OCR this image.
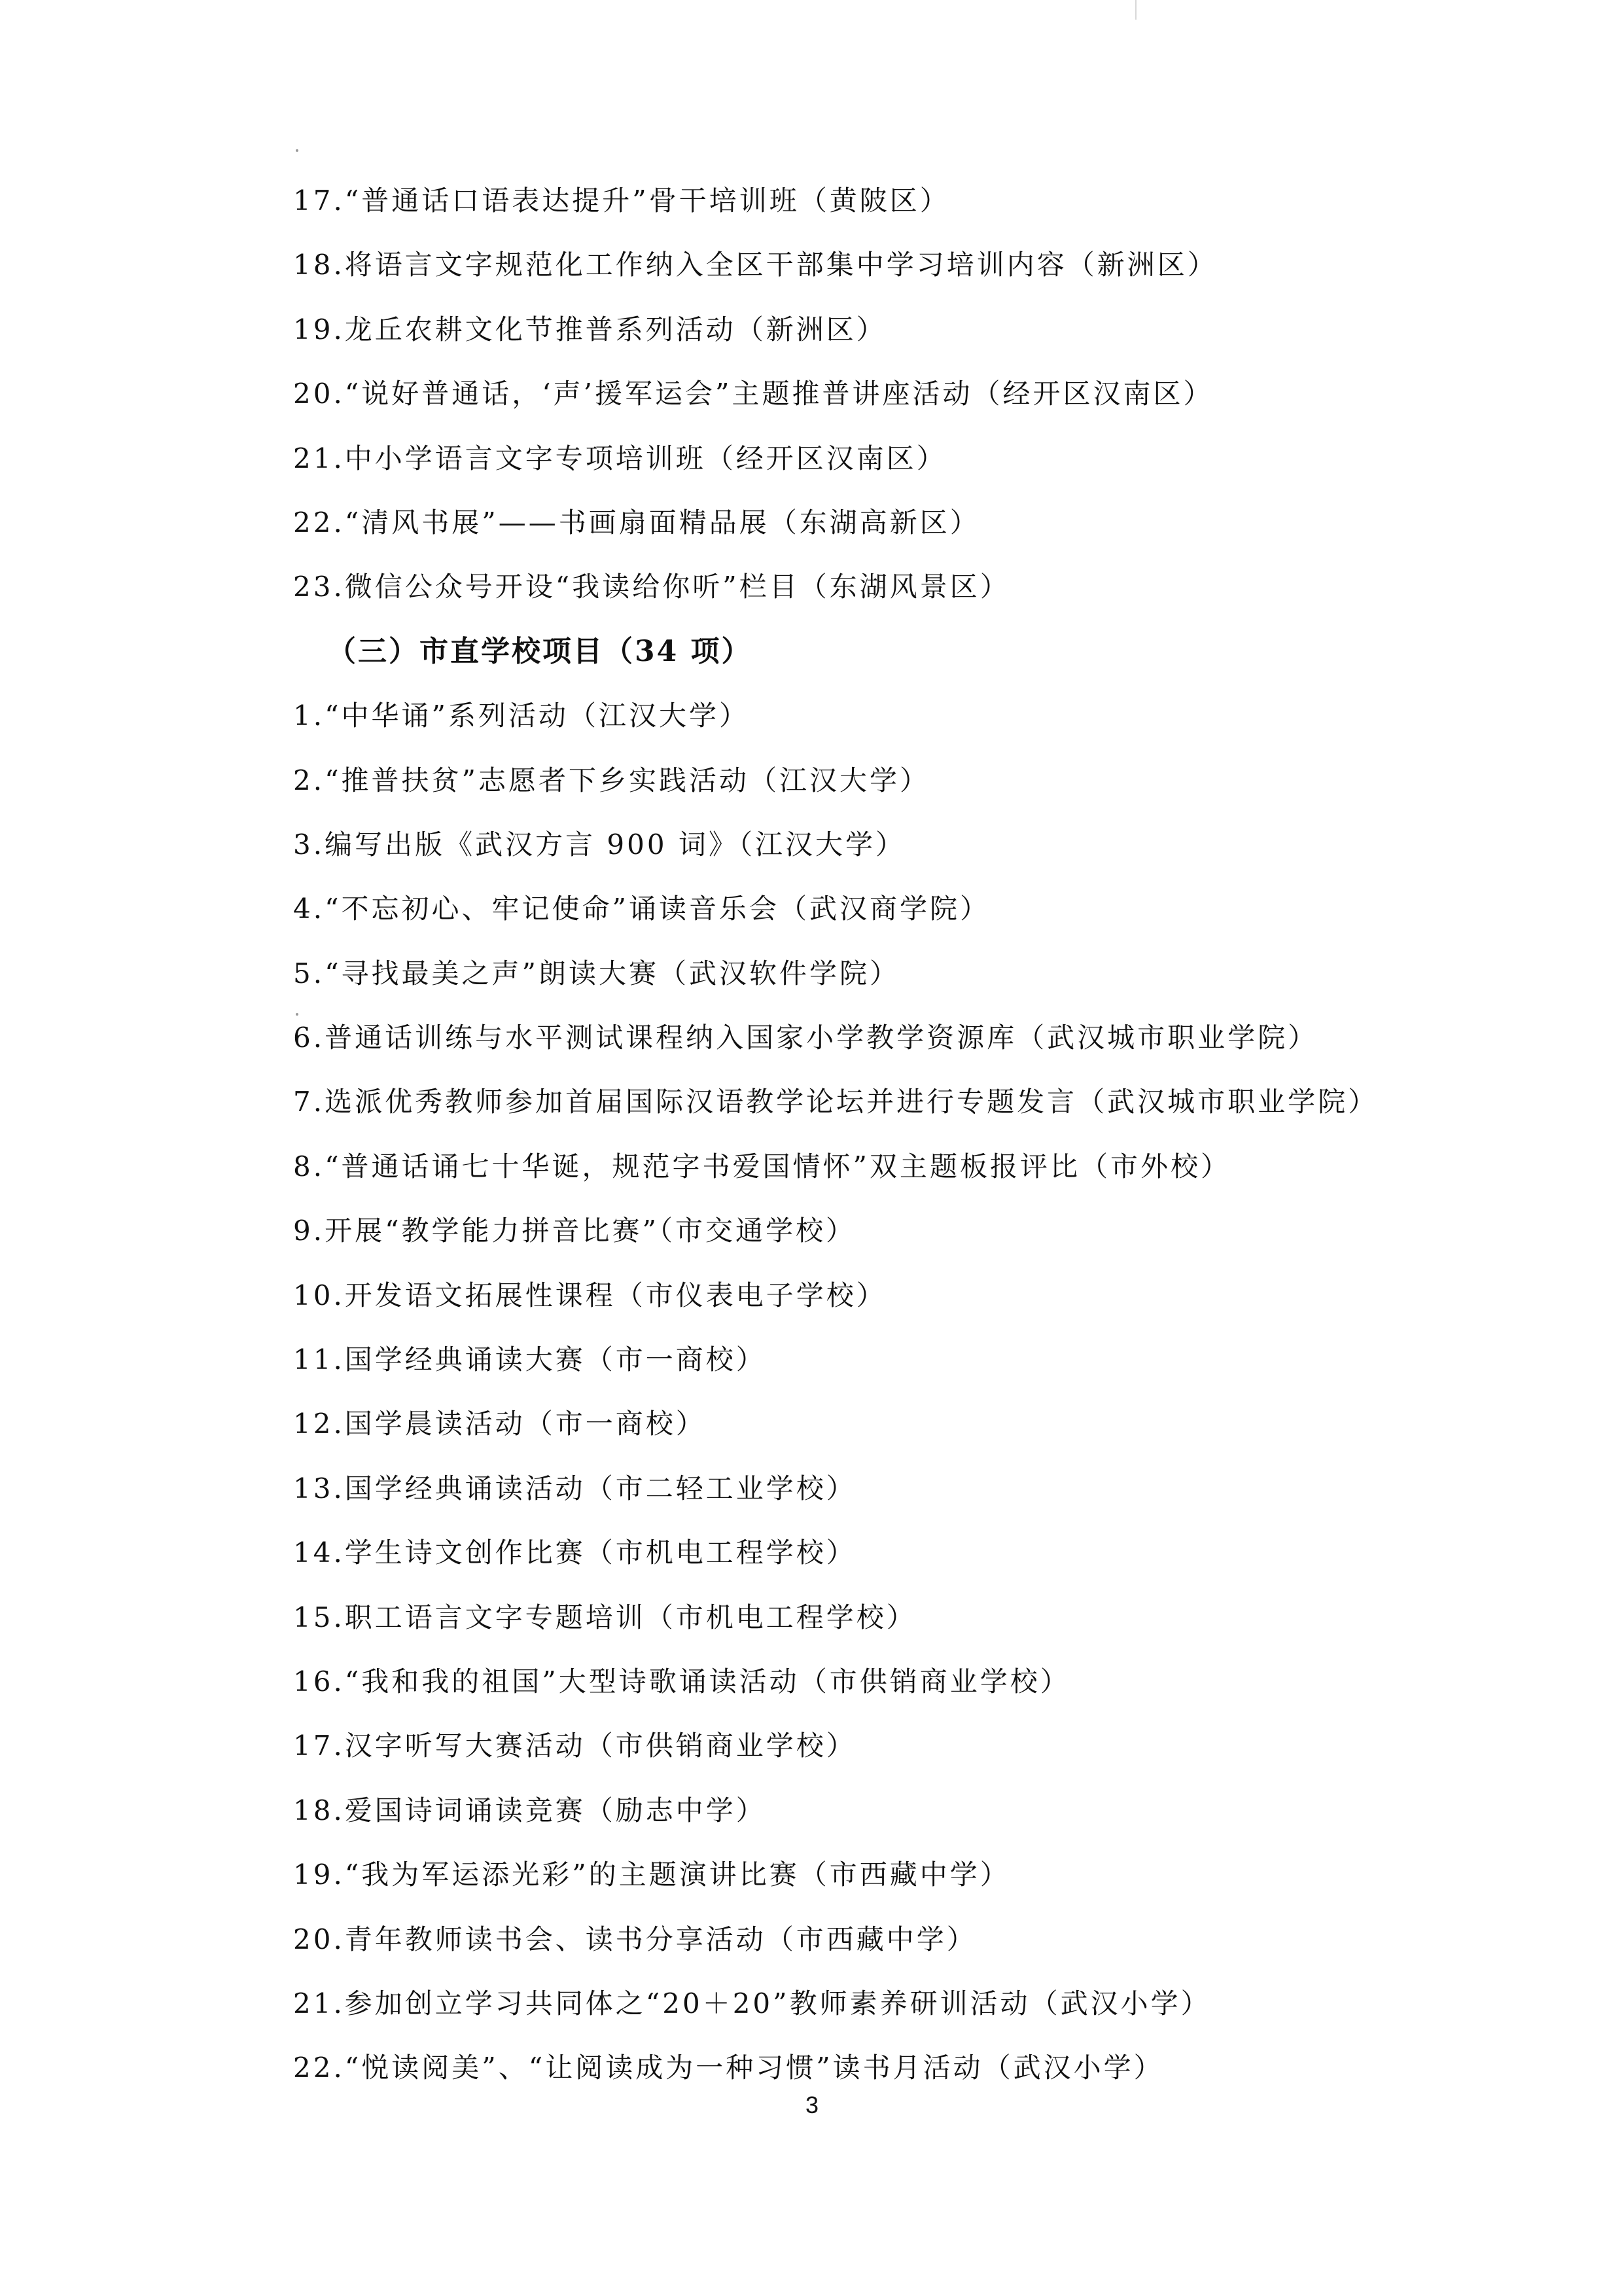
17.“普通话口语表达提升”骨干培训班（黄陂区）
18.将语言文字规范化工作纳入全区干部集中学习培训内容（新洲区）
19.龙丘农耕文化节推普系列活动（新洲区）
20.“说好普通话，‘声’援军运会”主题推普讲座活动（经开区汉南区）
21.中小学语言文字专项培训班（经开区汉南区）
22.“清风书展”——书画扇面精品展（东湖高新区）
23.微信公众号开设“我读给你听”栏目（东湖风景区）
（三）市直学校项目（34 项）
1.“中华诵”系列活动（江汉大学）
2.“推普扶贫”志愿者下乡实践活动（江汉大学）
3.编写出版《武汉方言 900 词》（江汉大学）
4.“不忘初心、牢记使命”诵读音乐会（武汉商学院）
5.“寻找最美之声”朗读大赛（武汉软件学院）
6.普通话训练与水平测试课程纳入国家小学教学资源库（武汉城市职业学院）
7.选派优秀教师参加首届国际汉语教学论坛并进行专题发言（武汉城市职业学院）
8.“普通话诵七十华诞，规范字书爱国情怀”双主题板报评比（市外校）
9.开展“教学能力拼音比赛”（市交通学校）
10.开发语文拓展性课程（市仪表电子学校）
11.国学经典诵读大赛（市一商校）
12.国学晨读活动（市一商校）
13.国学经典诵读活动（市二轻工业学校）
14.学生诗文创作比赛（市机电工程学校）
15.职工语言文字专题培训（市机电工程学校）
16.“我和我的祖国”大型诗歌诵读活动（市供销商业学校）
17.汉字听写大赛活动（市供销商业学校）
18.爱国诗词诵读竞赛（励志中学）
19.“我为军运添光彩”的主题演讲比赛（市西藏中学）
20.青年教师读书会、读书分享活动（市西藏中学）
21.参加创立学习共同体之“20＋20”教师素养研训活动（武汉小学）
22.“悦读阅美”、“让阅读成为一种习惯”读书月活动（武汉小学）
3
